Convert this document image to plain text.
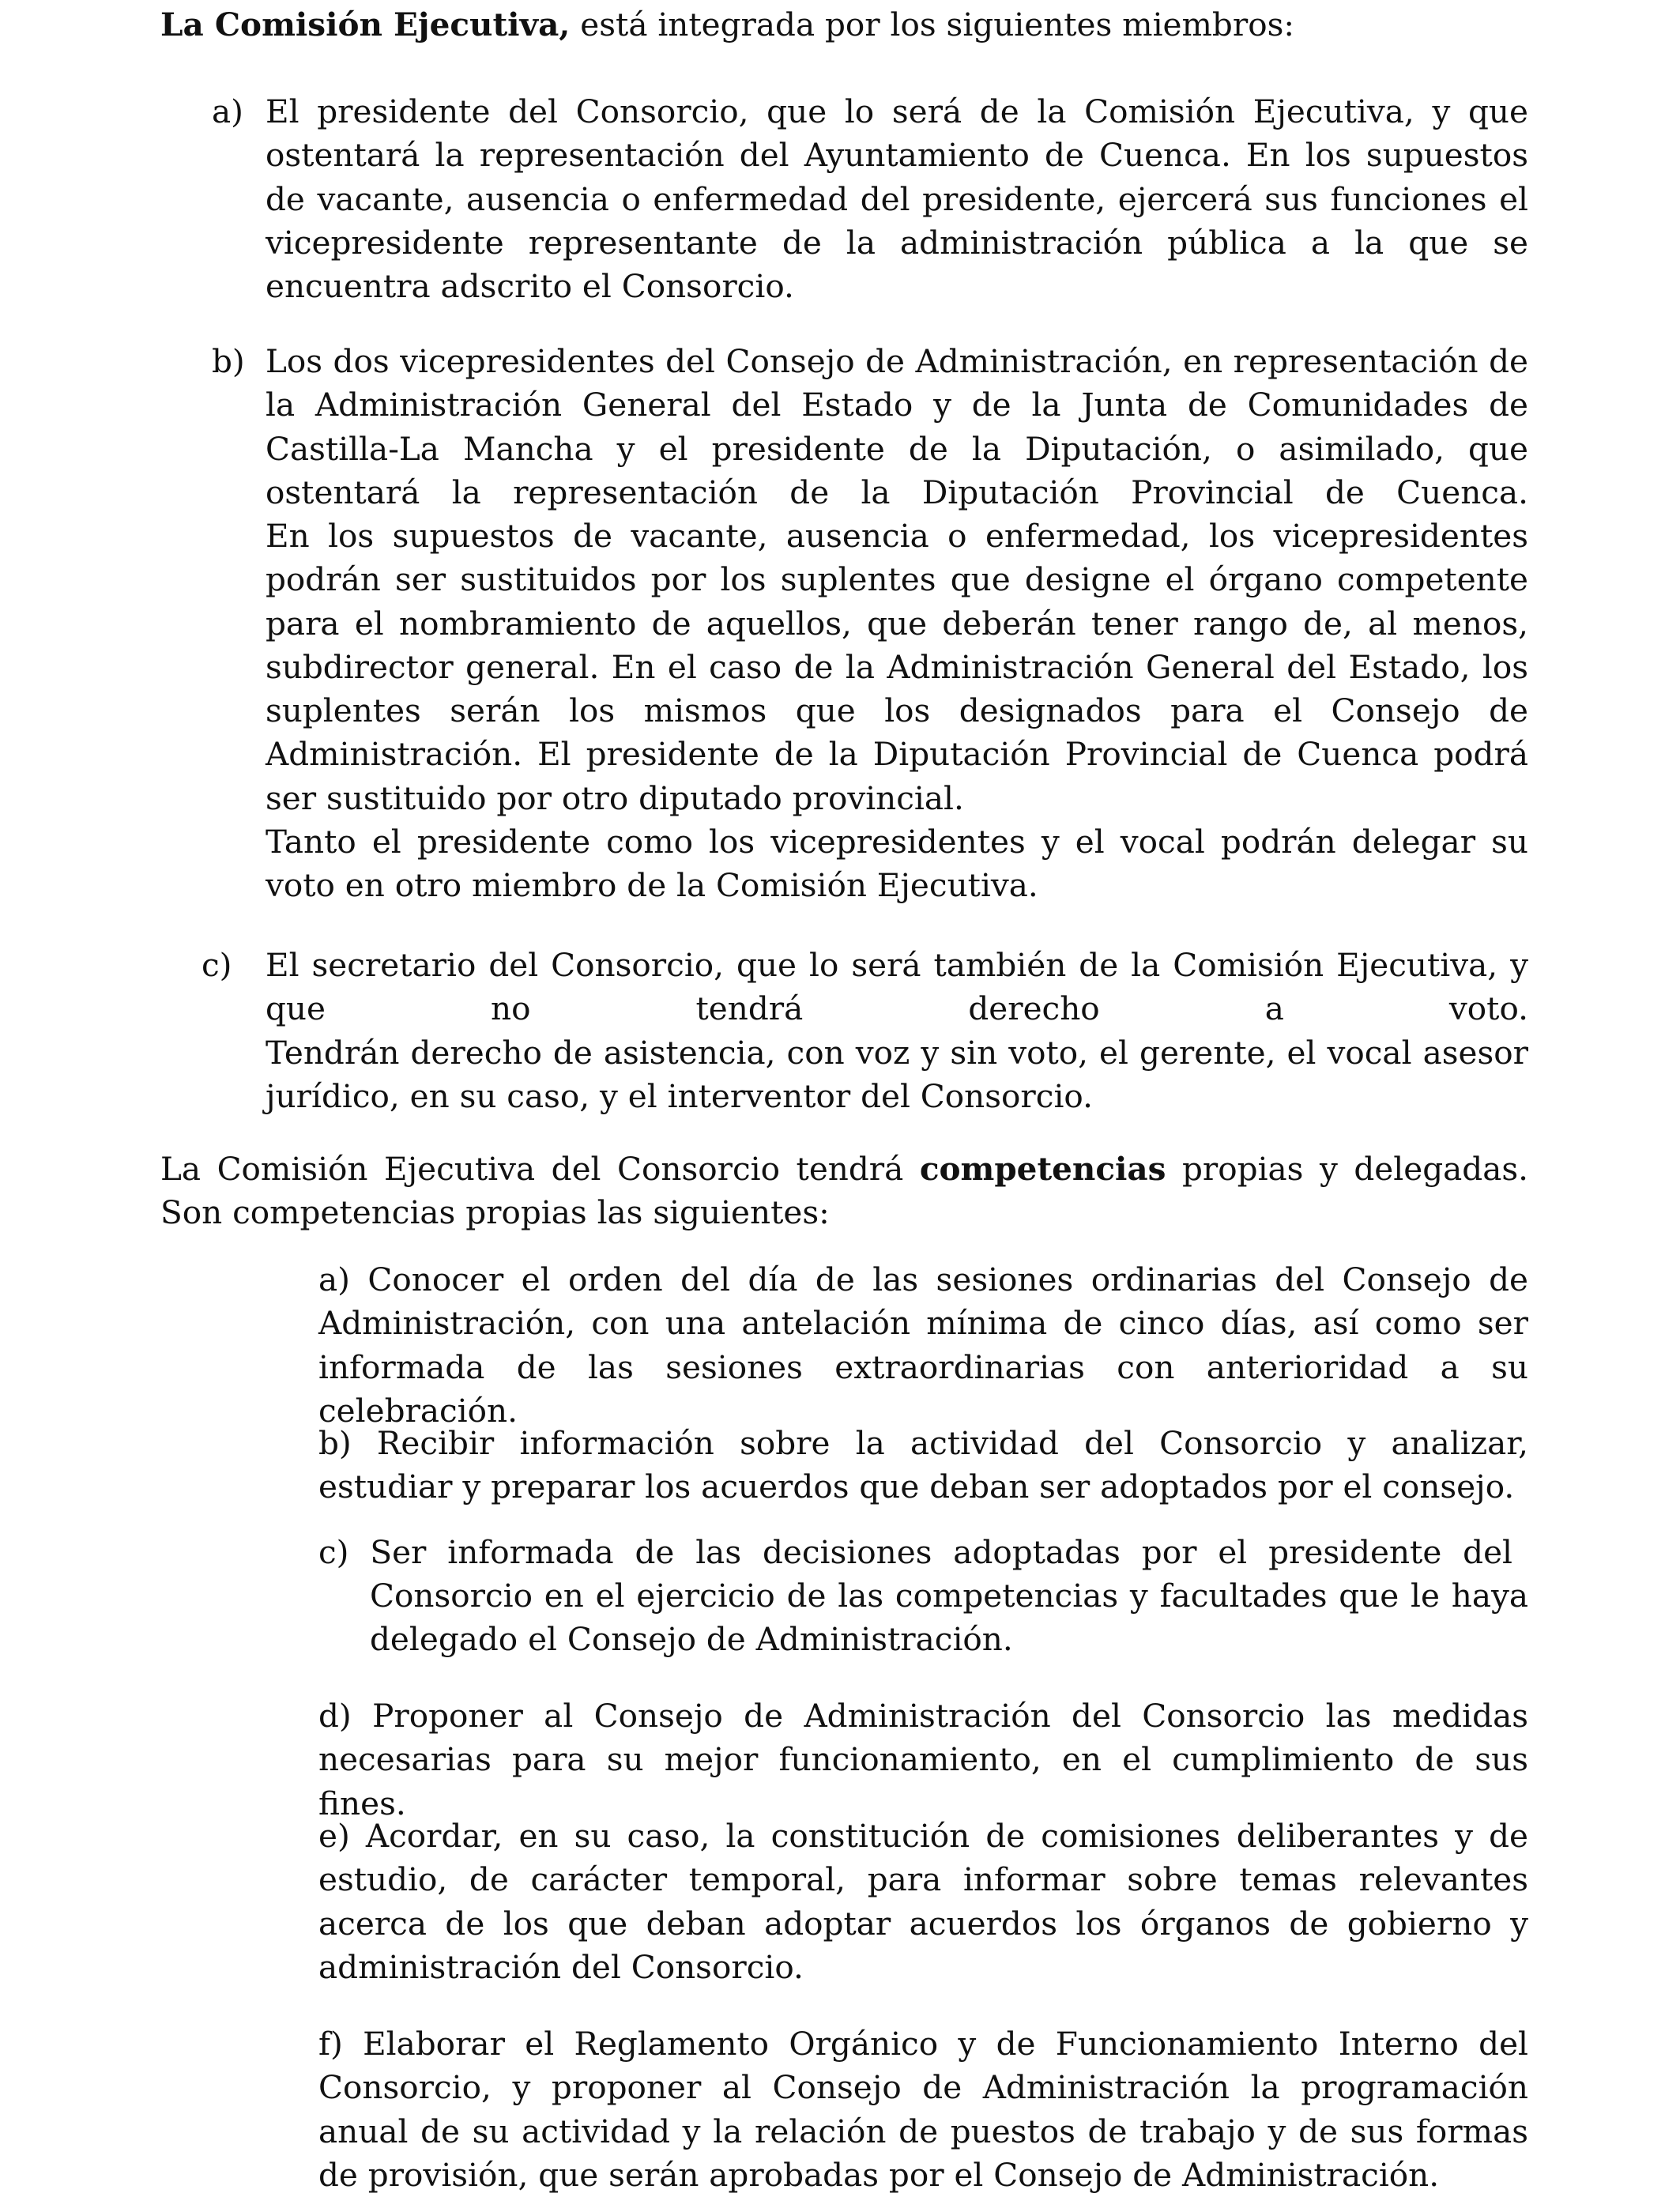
La Comisión Ejecutiva, está integrada por los siguientes miembros:

a) El presidente del Consorcio, que lo será de la Comisión Ejecutiva, y que ostentará la representación del Ayuntamiento de Cuenca. En los supuestos de vacante, ausencia o enfermedad del presidente, ejercerá sus funciones el vicepresidente representante de la administración pública a la que se encuentra adscrito el Consorcio.

b) Los dos vicepresidentes del Consejo de Administración, en representación de la Administración General del Estado y de la Junta de Comunidades de Castilla-La Mancha y el presidente de la Diputación, o asimilado, que ostentará la representación de la Diputación Provincial de Cuenca.

En los supuestos de vacante, ausencia o enfermedad, los vicepresidentes podrán ser sustituidos por los suplentes que designe el órgano competente para el nombramiento de aquellos, que deberán tener rango de, al menos, subdirector general. En el caso de la Administración General del Estado, los suplentes serán los mismos que los designados para el Consejo de Administración. El presidente de la Diputación Provincial de Cuenca podrá ser sustituido por otro diputado provincial.

Tanto el presidente como los vicepresidentes y el vocal podrán delegar su voto en otro miembro de la Comisión Ejecutiva.

c) El secretario del Consorcio, que lo será también de la Comisión Ejecutiva, y que no tendrá derecho a voto.

Tendrán derecho de asistencia, con voz y sin voto, el gerente, el vocal asesor jurídico, en su caso, y el interventor del Consorcio.

La Comisión Ejecutiva del Consorcio tendrá competencias propias y delegadas. Son competencias propias las siguientes:

a) Conocer el orden del día de las sesiones ordinarias del Consejo de Administración, con una antelación mínima de cinco días, así como ser informada de las sesiones extraordinarias con anterioridad a su celebración.

b) Recibir información sobre la actividad del Consorcio y analizar, estudiar y preparar los acuerdos que deban ser adoptados por el consejo.

c) Ser informada de las decisiones adoptadas por el presidente del

Consorcio en el ejercicio de las competencias y facultades que le haya delegado el Consejo de Administración.

d) Proponer al Consejo de Administración del Consorcio las medidas necesarias para su mejor funcionamiento, en el cumplimiento de sus fines.

e) Acordar, en su caso, la constitución de comisiones deliberantes y de estudio, de carácter temporal, para informar sobre temas relevantes acerca de los que deban adoptar acuerdos los órganos de gobierno y administración del Consorcio.

f) Elaborar el Reglamento Orgánico y de Funcionamiento Interno del Consorcio, y proponer al Consejo de Administración la programación anual de su actividad y la relación de puestos de trabajo y de sus formas de provisión, que serán aprobadas por el Consejo de Administración.
